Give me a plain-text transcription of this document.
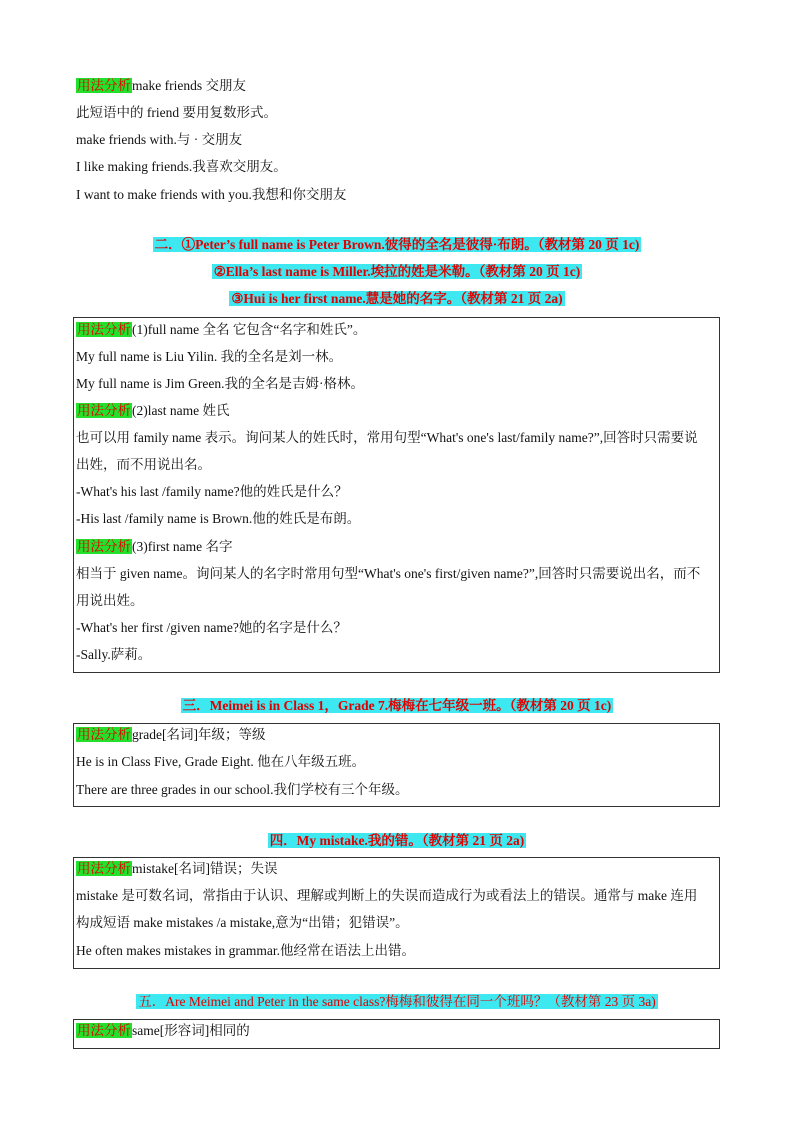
用法分析make friends 交朋友
此短语中的 friend 要用复数形式。
make friends with.与 · 交朋友
I like making friends.我喜欢交朋友。
I want to make friends with you.我想和你交朋友
二．①Peter’s full name is Peter Brown.彼得的全名是彼得·布朗。（教材第 20 页 1c)
②Ella’s last name is Miller.埃拉的姓是米勒。（教材第 20 页 1c)
③Hui is her first name.慧是她的名字。（教材第 21 页 2a)
用法分析(1)full name 全名 它包含“名字和姓氏”。
My full name is Liu Yilin. 我的全名是刘一林。
My full name is Jim Green.我的全名是吉姆·格林。
用法分析(2)last name 姓氏
也可以用 family name 表示。询问某人的姓氏时，常用句型“What's one's last/family name?”,回答时只需要说
出姓，而不用说出名。
-What's his last /family name?他的姓氏是什么？
-His last /family name is Brown.他的姓氏是布朗。
用法分析(3)first name 名字
相当于 given name。询问某人的名字时常用句型“What's one's first/given name?”,回答时只需要说出名，而不
用说出姓。
-What's her first /given name?她的名字是什么？
-Sally.萨莉。
三．Meimei is in Class 1，Grade 7.梅梅在七年级一班。（教材第 20 页 1c)
用法分析grade[名词]年级；等级
He is in Class Five, Grade Eight. 他在八年级五班。
There are three grades in our school.我们学校有三个年级。
四．My mistake.我的错。（教材第 21 页 2a)
用法分析mistake[名词]错误；失误
mistake 是可数名词，常指由于认识、理解或判断上的失误而造成行为或看法上的错误。通常与 make 连用
构成短语 make mistakes /a mistake,意为“出错；犯错误”。
He often makes mistakes in grammar.他经常在语法上出错。
五．Are Meimei and Peter in the same class?梅梅和彼得在同一个班吗？（教材第 23 页 3a)
用法分析same[形容词]相同的
